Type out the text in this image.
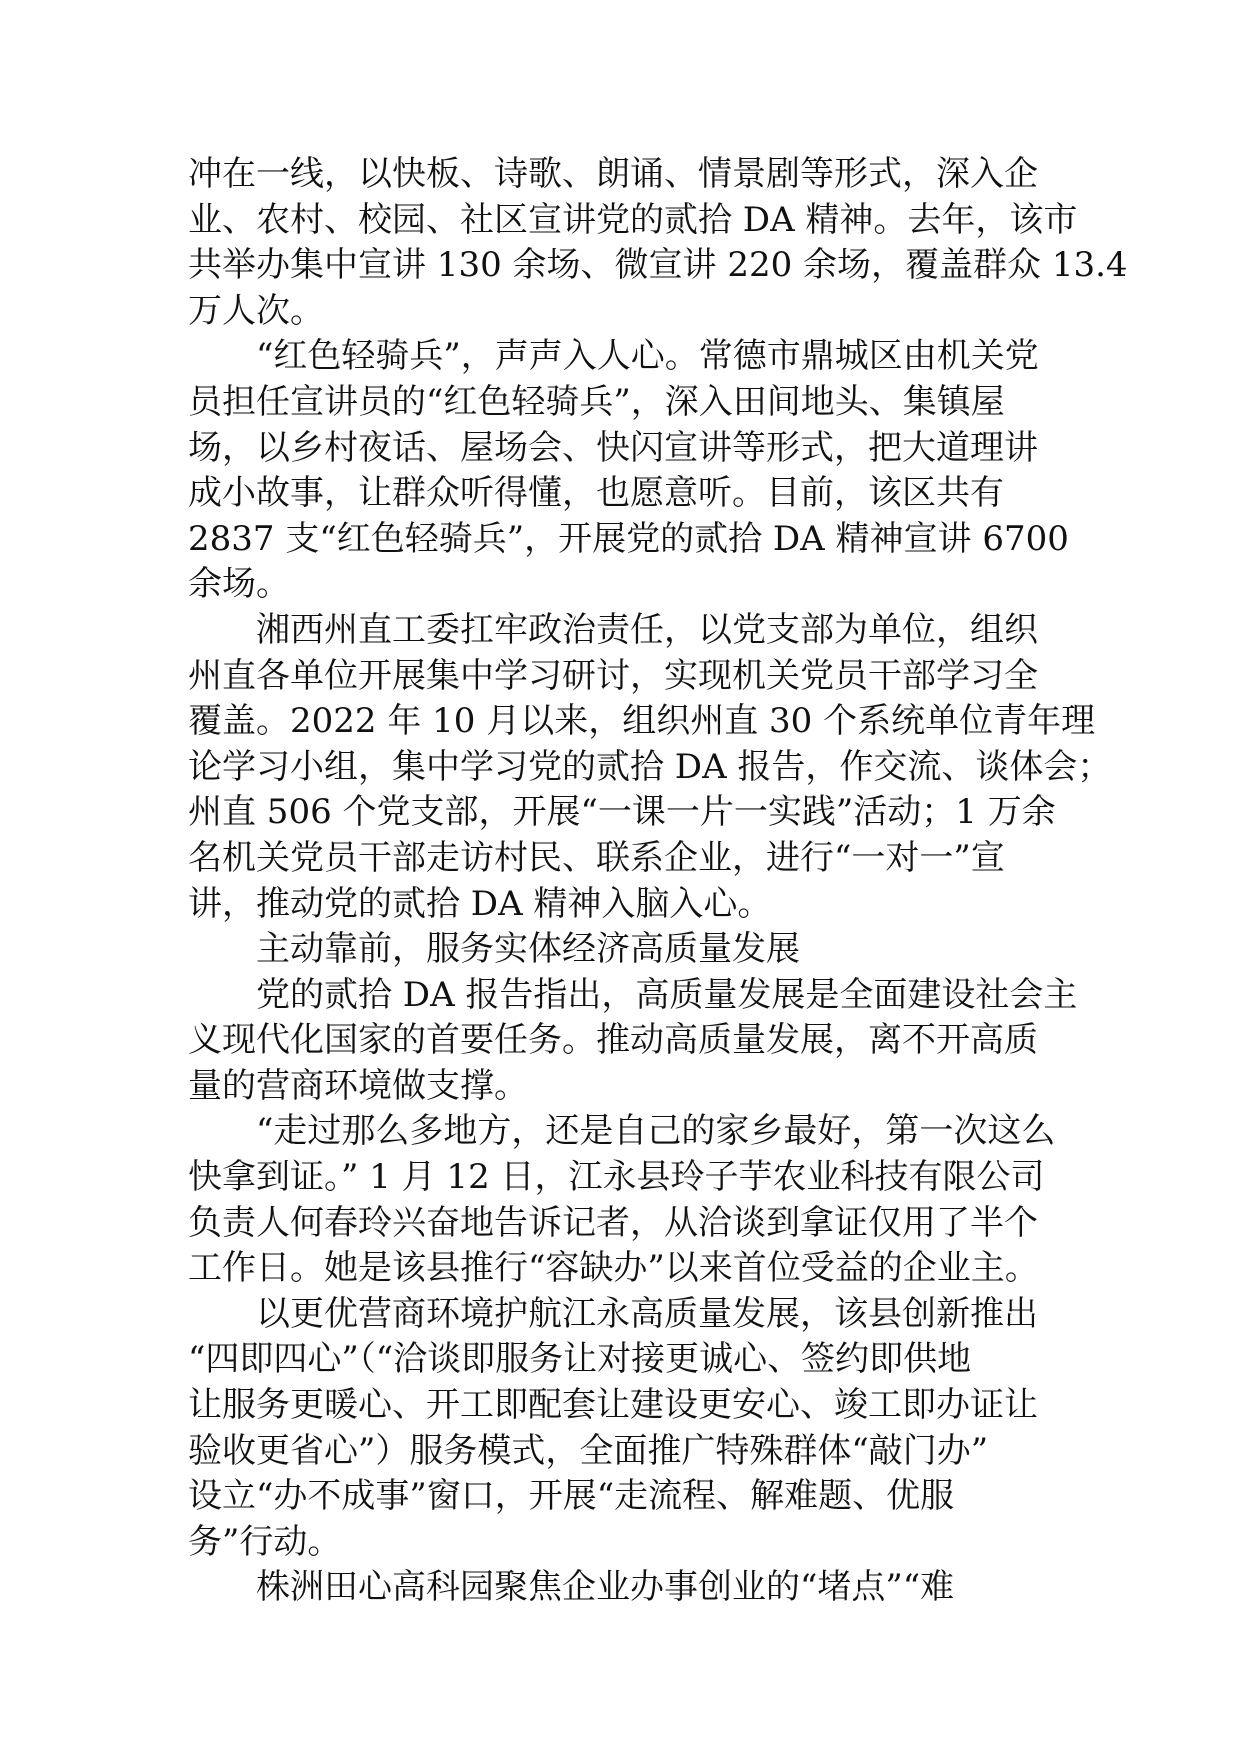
冲在一线，以快板、诗歌、朗诵、情景剧等形式，深入企
业、农村、校园、社区宣讲党的贰拾 DA 精神。去年，该市
共举办集中宣讲 130 余场、微宣讲 220 余场，覆盖群众 13.4
万人次。
　　“红色轻骑兵”，声声入人心。常德市鼎城区由机关党
员担任宣讲员的“红色轻骑兵”，深入田间地头、集镇屋
场，以乡村夜话、屋场会、快闪宣讲等形式，把大道理讲
成小故事，让群众听得懂，也愿意听。目前，该区共有
2837 支“红色轻骑兵”，开展党的贰拾 DA 精神宣讲 6700
余场。
　　湘西州直工委扛牢政治责任，以党支部为单位，组织
州直各单位开展集中学习研讨，实现机关党员干部学习全
覆盖。2022 年 10 月以来，组织州直 30 个系统单位青年理
论学习小组，集中学习党的贰拾 DA 报告，作交流、谈体会；
州直 506 个党支部，开展“一课一片一实践”活动；1 万余
名机关党员干部走访村民、联系企业，进行“一对一”宣
讲，推动党的贰拾 DA 精神入脑入心。
　　主动靠前，服务实体经济高质量发展
　　党的贰拾 DA 报告指出，高质量发展是全面建设社会主
义现代化国家的首要任务。推动高质量发展，离不开高质
量的营商环境做支撑。
　　“走过那么多地方，还是自己的家乡最好，第一次这么
快拿到证。” 1 月 12 日，江永县玲子芋农业科技有限公司
负责人何春玲兴奋地告诉记者，从洽谈到拿证仅用了半个
工作日。她是该县推行“容缺办”以来首位受益的企业主。
　　以更优营商环境护航江永高质量发展，该县创新推出
“四即四心”（“洽谈即服务让对接更诚心、签约即供地
让服务更暖心、开工即配套让建设更安心、竣工即办证让
验收更省心”）服务模式，全面推广特殊群体“敲门办”
设立“办不成事”窗口，开展“走流程、解难题、优服
务”行动。
　　株洲田心高科园聚焦企业办事创业的“堵点”“难
